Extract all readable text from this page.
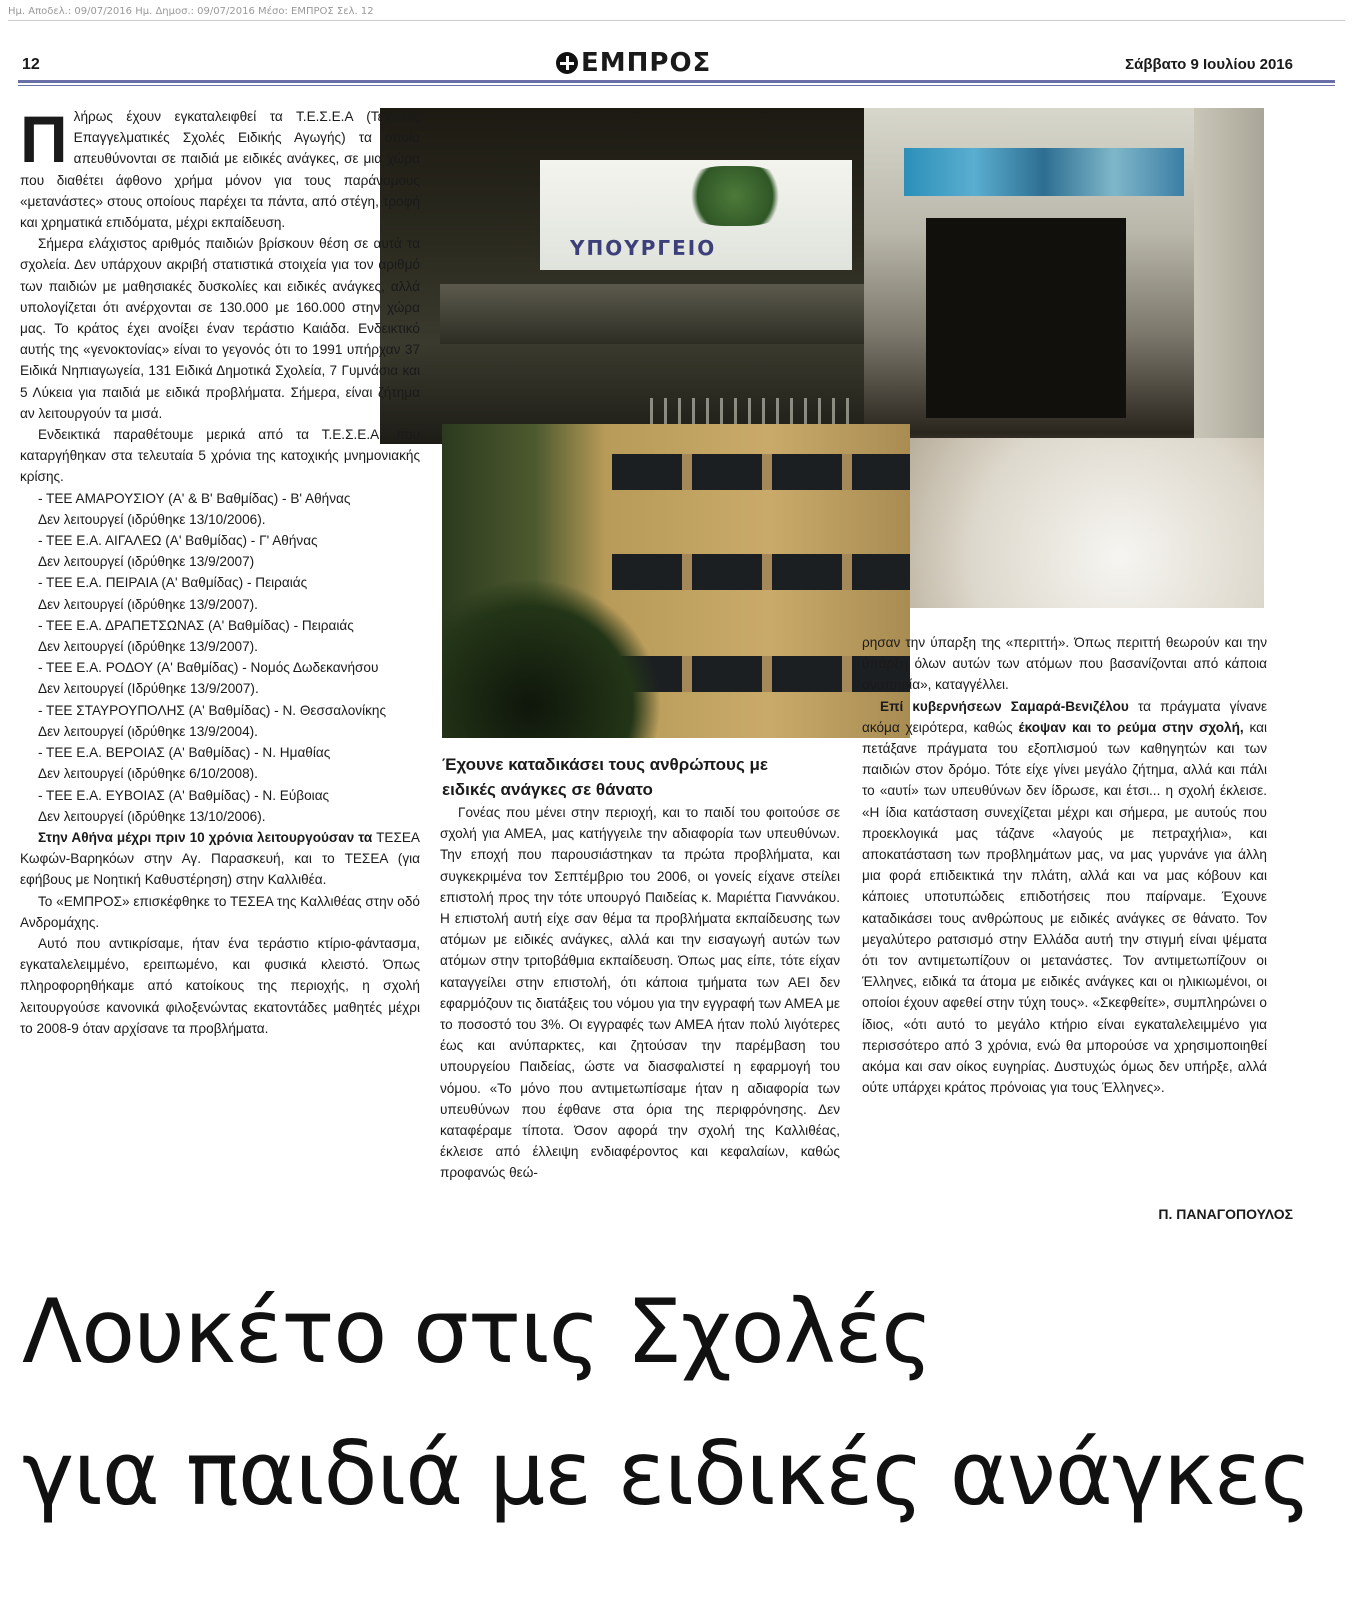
Ημ. Αποδελ.: 09/07/2016 Ημ. Δημοσ.: 09/07/2016 Μέσο: ΕΜΠΡΟΣ Σελ. 12
12	ΕΜΠΡΟΣ	Σάββατο 9 Ιουλίου 2016
ΥΠΟΥΡΓΕΙΟ

Πλήρως έχουν εγκαταλειφθεί τα Τ.Ε.Σ.Ε.Α (Τεχνικές Επαγγελματικές Σχολές Ειδικής Αγωγής) τα οποία απευθύνονται σε παιδιά με ειδικές ανάγκες, σε μια χώρα που διαθέτει άφθονο χρήμα μόνον για τους παράνομους «μετανάστες» στους οποίους παρέχει τα πάντα, από στέγη, τροφή και χρηματικά επιδόματα, μέχρι εκπαίδευση.

Σήμερα ελάχιστος αριθμός παιδιών βρίσκουν θέση σε αυτά τα σχολεία. Δεν υπάρχουν ακριβή στατιστικά στοιχεία για τον αριθμό των παιδιών με μαθησιακές δυσκολίες και ειδικές ανάγκες, αλλά υπολογίζεται ότι ανέρχονται σε 130.000 με 160.000 στην χώρα μας. Το κράτος έχει ανοίξει έναν τεράστιο Καιάδα. Ενδεικτικό αυτής της «γενοκτονίας» είναι το γεγονός ότι το 1991 υπήρχαν 37 Ειδικά Νηπιαγωγεία, 131 Ειδικά Δημοτικά Σχολεία, 7 Γυμνάσια και 5 Λύκεια για παιδιά με ειδικά προβλήματα. Σήμερα, είναι ζήτημα αν λειτουργούν τα μισά.

Ενδεικτικά παραθέτουμε μερικά από τα Τ.Ε.Σ.Ε.Α. που καταργήθηκαν στα τελευταία 5 χρόνια της κατοχικής μνημονιακής κρίσης.

- ΤΕΕ ΑΜΑΡΟΥΣΙΟΥ (Α' & Β' Βαθμίδας) - Β' Αθήνας

Δεν λειτουργεί (ιδρύθηκε 13/10/2006).

- ΤΕΕ Ε.Α. ΑΙΓΑΛΕΩ (Α' Βαθμίδας) - Γ' Αθήνας

Δεν λειτουργεί (ιδρύθηκε 13/9/2007)

- ΤΕΕ Ε.Α. ΠΕΙΡΑΙΑ (Α' Βαθμίδας) - Πειραιάς

Δεν λειτουργεί (ιδρύθηκε 13/9/2007).

- ΤΕΕ Ε.Α. ΔΡΑΠΕΤΣΩΝΑΣ (Α' Βαθμίδας) - Πειραιάς

Δεν λειτουργεί (ιδρύθηκε 13/9/2007).

- ΤΕΕ Ε.Α. ΡΟΔΟΥ (Α' Βαθμίδας) - Νομός Δωδεκανήσου

Δεν λειτουργεί (Ιδρύθηκε 13/9/2007).

- ΤΕΕ ΣΤΑΥΡΟΥΠΟΛΗΣ (Α' Βαθμίδας) - Ν. Θεσσαλονίκης

Δεν λειτουργεί (ιδρύθηκε 13/9/2004).

- ΤΕΕ Ε.Α. ΒΕΡΟΙΑΣ (Α' Βαθμίδας) - Ν. Ημαθίας

Δεν λειτουργεί (ιδρύθηκε 6/10/2008).

- ΤΕΕ Ε.Α. ΕΥΒΟΙΑΣ (Α' Βαθμίδας) - Ν. Εύβοιας

Δεν λειτουργεί (ιδρύθηκε 13/10/2006).

Στην Αθήνα μέχρι πριν 10 χρόνια λειτουργούσαν τα ΤΕΣΕΑ Κωφών-Βαρηκόων στην Αγ. Παρασκευή, και το ΤΕΣΕΑ (για εφήβους με Νοητική Καθυστέρηση) στην Καλλιθέα.

Το «ΕΜΠΡΟΣ» επισκέφθηκε το ΤΕΣΕΑ της Καλλιθέας στην οδό Ανδρομάχης.

Αυτό που αντικρίσαμε, ήταν ένα τεράστιο κτίριο-φάντασμα, εγκαταλελειμμένο, ερειπωμένο, και φυσικά κλειστό. Όπως πληροφορηθήκαμε από κατοίκους της περιοχής, η σχολή λειτουργούσε κανονικά φιλοξενώντας εκατοντάδες μαθητές μέχρι το 2008-9 όταν αρχίσανε τα προβλήματα.

Έχουνε καταδικάσει τους ανθρώπους με ειδικές ανάγκες σε θάνατο

Γονέας που μένει στην περιοχή, και το παιδί του φοιτούσε σε σχολή για ΑΜΕΑ, μας κατήγγειλε την αδιαφορία των υπευθύνων. Την εποχή που παρουσιάστηκαν τα πρώτα προβλήματα, και συγκεκριμένα τον Σεπτέμβριο του 2006, οι γονείς είχανε στείλει επιστολή προς την τότε υπουργό Παιδείας κ. Μαριέττα Γιαννάκου. Η επιστολή αυτή είχε σαν θέμα τα προβλήματα εκπαίδευσης των ατόμων με ειδικές ανάγκες, αλλά και την εισαγωγή αυτών των ατόμων στην τριτοβάθμια εκπαίδευση. Όπως μας είπε, τότε είχαν καταγγείλει στην επιστολή, ότι κάποια τμήματα των ΑΕΙ δεν εφαρμόζουν τις διατάξεις του νόμου για την εγγραφή των ΑΜΕΑ με το ποσοστό του 3%. Οι εγγραφές των ΑΜΕΑ ήταν πολύ λιγότερες έως και ανύπαρκτες, και ζητούσαν την παρέμβαση του υπουργείου Παιδείας, ώστε να διασφαλιστεί η εφαρμογή του νόμου. «Το μόνο που αντιμετωπίσαμε ήταν η αδιαφορία των υπευθύνων που έφθανε στα όρια της περιφρόνησης. Δεν καταφέραμε τίποτα. Όσον αφορά την σχολή της Καλλιθέας, έκλεισε από έλλειψη ενδιαφέροντος και κεφαλαίων, καθώς προφανώς θεώ-

ρησαν την ύπαρξη της «περιττή». Όπως περιττή θεωρούν και την ύπαρξη όλων αυτών των ατόμων που βασανίζονται από κάποια αναπηρία», καταγγέλλει.

Επί κυβερνήσεων Σαμαρά-Βενιζέλου τα πράγματα γίνανε ακόμα χειρότερα, καθώς έκοψαν και το ρεύμα στην σχολή, και πετάξανε πράγματα του εξοπλισμού των καθηγητών και των παιδιών στον δρόμο. Τότε είχε γίνει μεγάλο ζήτημα, αλλά και πάλι το «αυτί» των υπευθύνων δεν ίδρωσε, και έτσι... η σχολή έκλεισε. «Η ίδια κατάσταση συνεχίζεται μέχρι και σήμερα, με αυτούς που προεκλογικά μας τάζανε «λαγούς με πετραχήλια», και αποκατάσταση των προβλημάτων μας, να μας γυρνάνε για άλλη μια φορά επιδεικτικά την πλάτη, αλλά και να μας κόβουν και κάποιες υποτυπώδεις επιδοτήσεις που παίρναμε. Έχουνε καταδικάσει τους ανθρώπους με ειδικές ανάγκες σε θάνατο. Τον μεγαλύτερο ρατσισμό στην Ελλάδα αυτή την στιγμή είναι ψέματα ότι τον αντιμετωπίζουν οι μετανάστες. Τον αντιμετωπίζουν οι Έλληνες, ειδικά τα άτομα με ειδικές ανάγκες και οι ηλικιωμένοι, οι οποίοι έχουν αφεθεί στην τύχη τους». «Σκεφθείτε», συμπληρώνει ο ίδιος, «ότι αυτό το μεγάλο κτήριο είναι εγκαταλελειμμένο για περισσότερο από 3 χρόνια, ενώ θα μπορούσε να χρησιμοποιηθεί ακόμα και σαν οίκος ευγηρίας. Δυστυχώς όμως δεν υπήρξε, αλλά ούτε υπάρχει κράτος πρόνοιας για τους Έλληνες».

Π. ΠΑΝΑΓΟΠΟΥΛΟΣ
Λουκέτο στις Σχολές
για παιδιά με ειδικές ανάγκες
